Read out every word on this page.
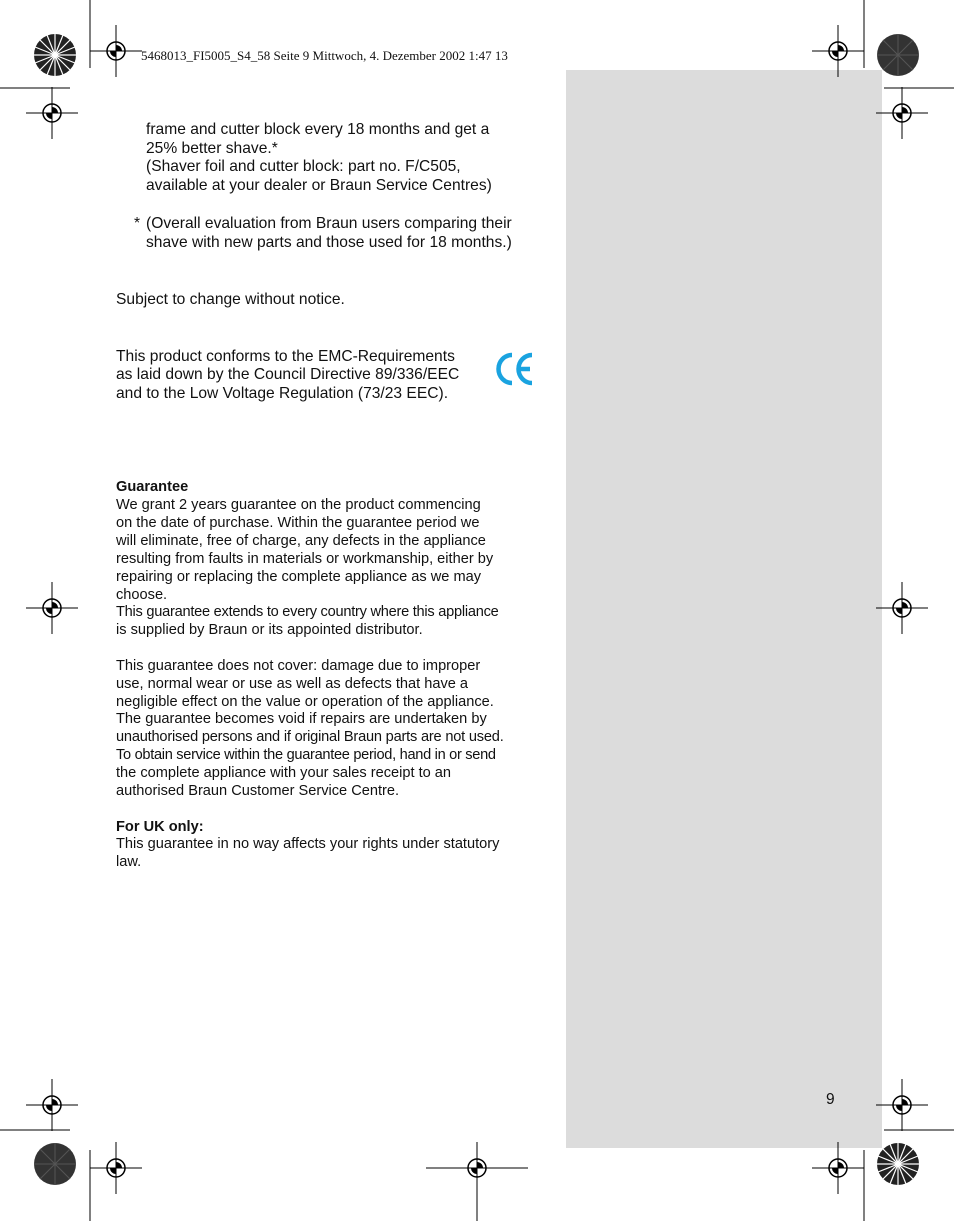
5468013_FI5005_S4_58 Seite 9 Mittwoch, 4. Dezember 2002 1:47 13
frame and cutter block every 18 months and get a
25% better shave.*
(Shaver foil and cutter block: part no. F/C505,
available at your dealer or Braun Service Centres)
* (Overall evaluation from Braun users comparing their
shave with new parts and those used for 18 months.)
Subject to change without notice.
This product conforms to the EMC-Requirements
as laid down by the Council Directive 89/336/EEC
and to the Low Voltage Regulation (73/23 EEC).
Guarantee
We grant 2 years guarantee on the product commencing
on the date of purchase. Within the guarantee period we
will eliminate, free of charge, any defects in the appliance
resulting from faults in materials or workmanship, either by
repairing or replacing the complete appliance as we may
choose.
This guarantee extends to every country where this appliance
is supplied by Braun or its appointed distributor.
This guarantee does not cover: damage due to improper
use, normal wear or use as well as defects that have a
negligible effect on the value or operation of the appliance.
The guarantee becomes void if repairs are undertaken by
unauthorised persons and if original Braun parts are not used.
To obtain service within the guarantee period, hand in or send
the complete appliance with your sales receipt to an
authorised Braun Customer Service Centre.
For UK only:
This guarantee in no way affects your rights under statutory
law.
9
